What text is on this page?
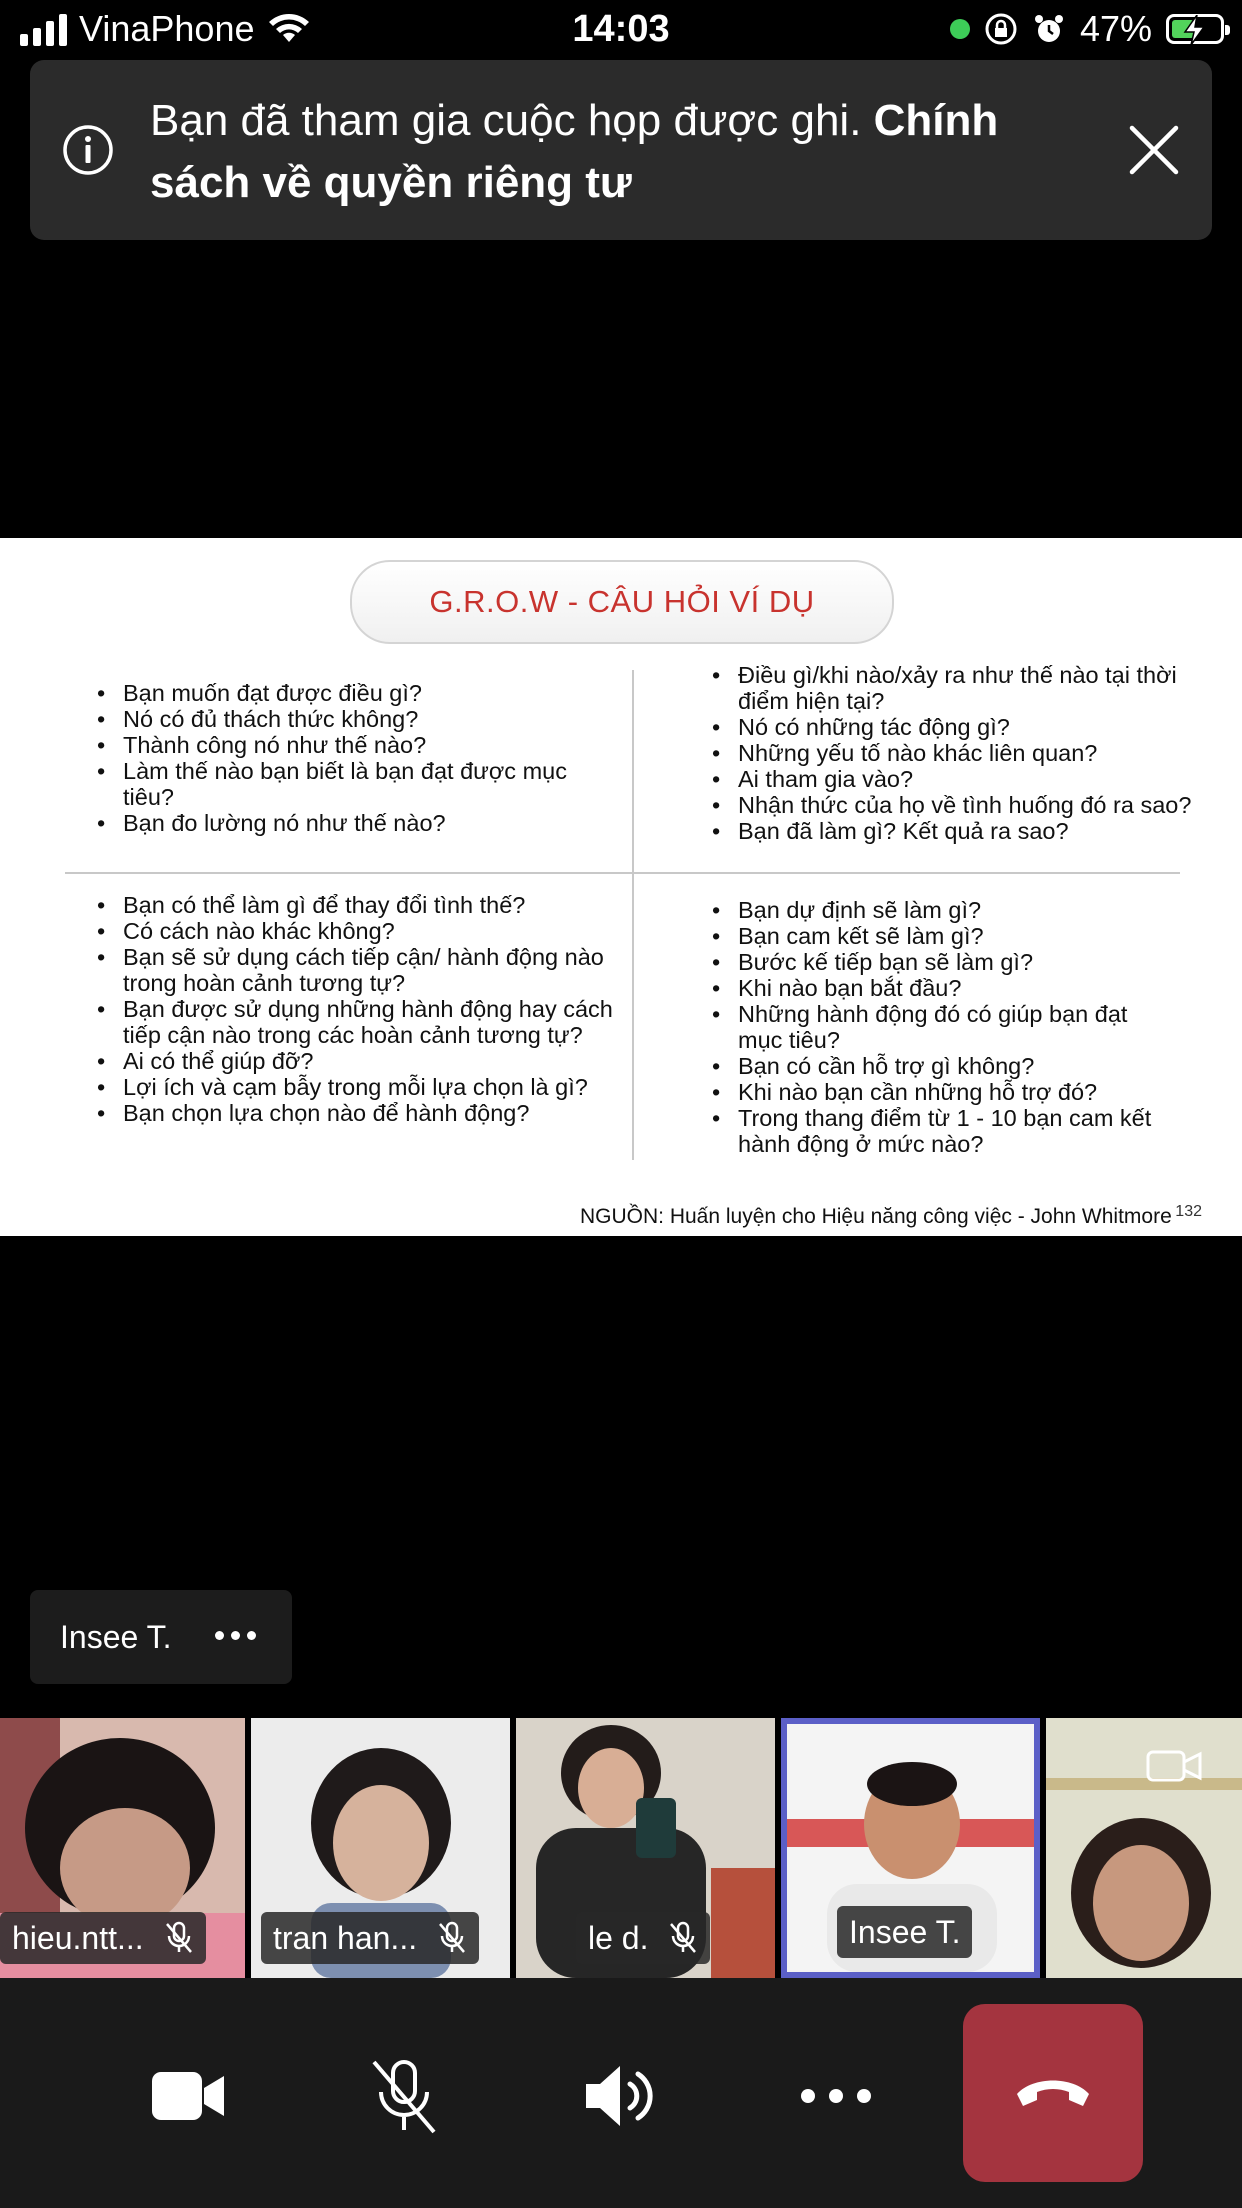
VinaPhone	14:03	47%
Bạn đã tham gia cuộc họp được ghi. Chính sách về quyền riêng tư
G.R.O.W - CÂU HỎI VÍ DỤ
• Bạn muốn đạt được điều gì?
• Nó có đủ thách thức không?
• Thành công nó như thế nào?
• Làm thế nào bạn biết là bạn đạt được mục tiêu?
• Bạn đo lường nó như thế nào?
• Điều gì/khi nào/xảy ra như thế nào tại thời điểm hiện tại?
• Nó có những tác động gì?
• Những yếu tố nào khác liên quan?
• Ai tham gia vào?
• Nhận thức của họ về tình huống đó ra sao?
• Bạn đã làm gì? Kết quả ra sao?
• Bạn có thể làm gì để thay đổi tình thế?
• Có cách nào khác không?
• Bạn sẽ sử dụng cách tiếp cận/ hành động nào trong hoàn cảnh tương tự?
• Bạn được sử dụng những hành động hay cách tiếp cận nào trong các hoàn cảnh tương tự?
• Ai có thể giúp đỡ?
• Lợi ích và cạm bẫy trong mỗi lựa chọn là gì?
• Bạn chọn lựa chọn nào để hành động?
• Bạn dự định sẽ làm gì?
• Bạn cam kết sẽ làm gì?
• Bước kế tiếp bạn sẽ làm gì?
• Khi nào bạn bắt đầu?
• Những hành động đó có giúp bạn đạt mục tiêu?
• Bạn có cần hỗ trợ gì không?
• Khi nào bạn cần những hỗ trợ đó?
• Trong thang điểm từ 1 - 10 bạn cam kết hành động ở mức nào?
NGUỒN: Huấn luyện cho Hiệu năng công việc - John Whitmore 132
Insee T.
hieu.ntt...	tran han...	le d.	Insee T.
